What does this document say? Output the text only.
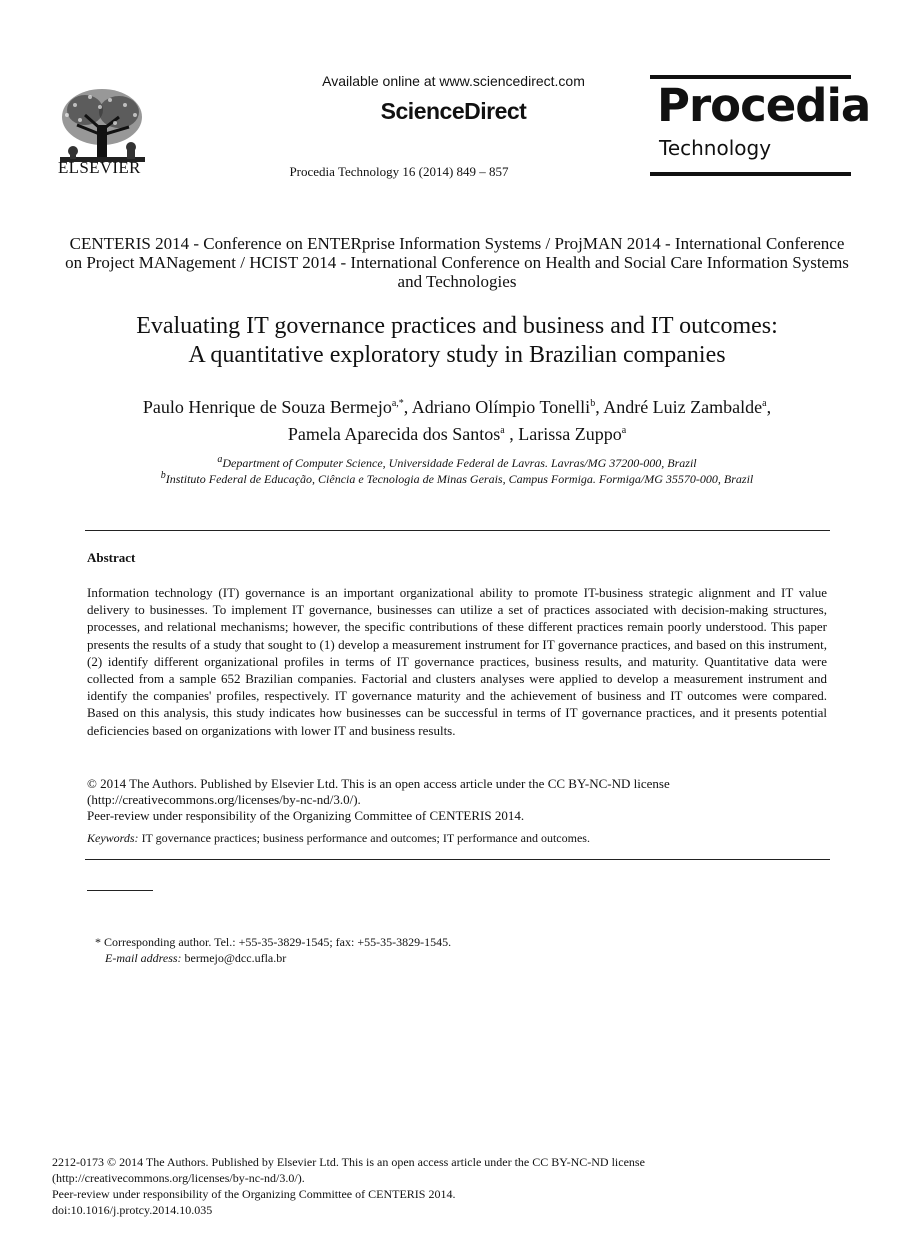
ELSEVIER
Available online at www.sciencedirect.com
ScienceDirect
Procedia Technology 16 (2014) 849 – 857
Procedia
Technology
CENTERIS 2014 - Conference on ENTERprise Information Systems / ProjMAN 2014 - International Conference on Project MANagement / HCIST 2014 - International Conference on Health and Social Care Information Systems and Technologies
Evaluating IT governance practices and business and IT outcomes:
A quantitative exploratory study in Brazilian companies
Paulo Henrique de Souza Bermejo$^{a,*}$, Adriano Olímpio Tonelli$^b$, André Luiz Zambalde$^a$,
Pamela Aparecida dos Santos$^a$ , Larissa Zuppo$^a$
$^a$Department of Computer Science, Universidade Federal de Lavras. Lavras/MG 37200-000, Brazil
$^b$Instituto Federal de Educação, Ciência e Tecnologia de Minas Gerais, Campus Formiga. Formiga/MG 35570-000, Brazil
Abstract
Information technology (IT) governance is an important organizational ability to promote IT-business strategic alignment and IT value delivery to businesses. To implement IT governance, businesses can utilize a set of practices associated with decision-making structures, processes, and relational mechanisms; however, the specific contributions of these different practices remain poorly understood. This paper presents the results of a study that sought to (1) develop a measurement instrument for IT governance practices, and based on this instrument, (2) identify different organizational profiles in terms of IT governance practices, business results, and maturity. Quantitative data were collected from a sample 652 Brazilian companies. Factorial and clusters analyses were applied to develop a measurement instrument and identify the companies' profiles, respectively. IT governance maturity and the achievement of business and IT outcomes were compared. Based on this analysis, this study indicates how businesses can be successful in terms of IT governance practices, and it presents potential deficiencies based on organizations with lower IT and business results.
© 2014 The Authors. Published by Elsevier Ltd. This is an open access article under the CC BY-NC-ND license
(http://creativecommons.org/licenses/by-nc-nd/3.0/).
Peer-review under responsibility of the Organizing Committee of CENTERIS 2014.
Keywords: IT governance practices; business performance and outcomes; IT performance and outcomes.
* Corresponding author. Tel.: +55-35-3829-1545; fax: +55-35-3829-1545.
E-mail address: bermejo@dcc.ufla.br
2212-0173 © 2014 The Authors. Published by Elsevier Ltd. This is an open access article under the CC BY-NC-ND license
(http://creativecommons.org/licenses/by-nc-nd/3.0/).
Peer-review under responsibility of the Organizing Committee of CENTERIS 2014.
doi:10.1016/j.protcy.2014.10.035
